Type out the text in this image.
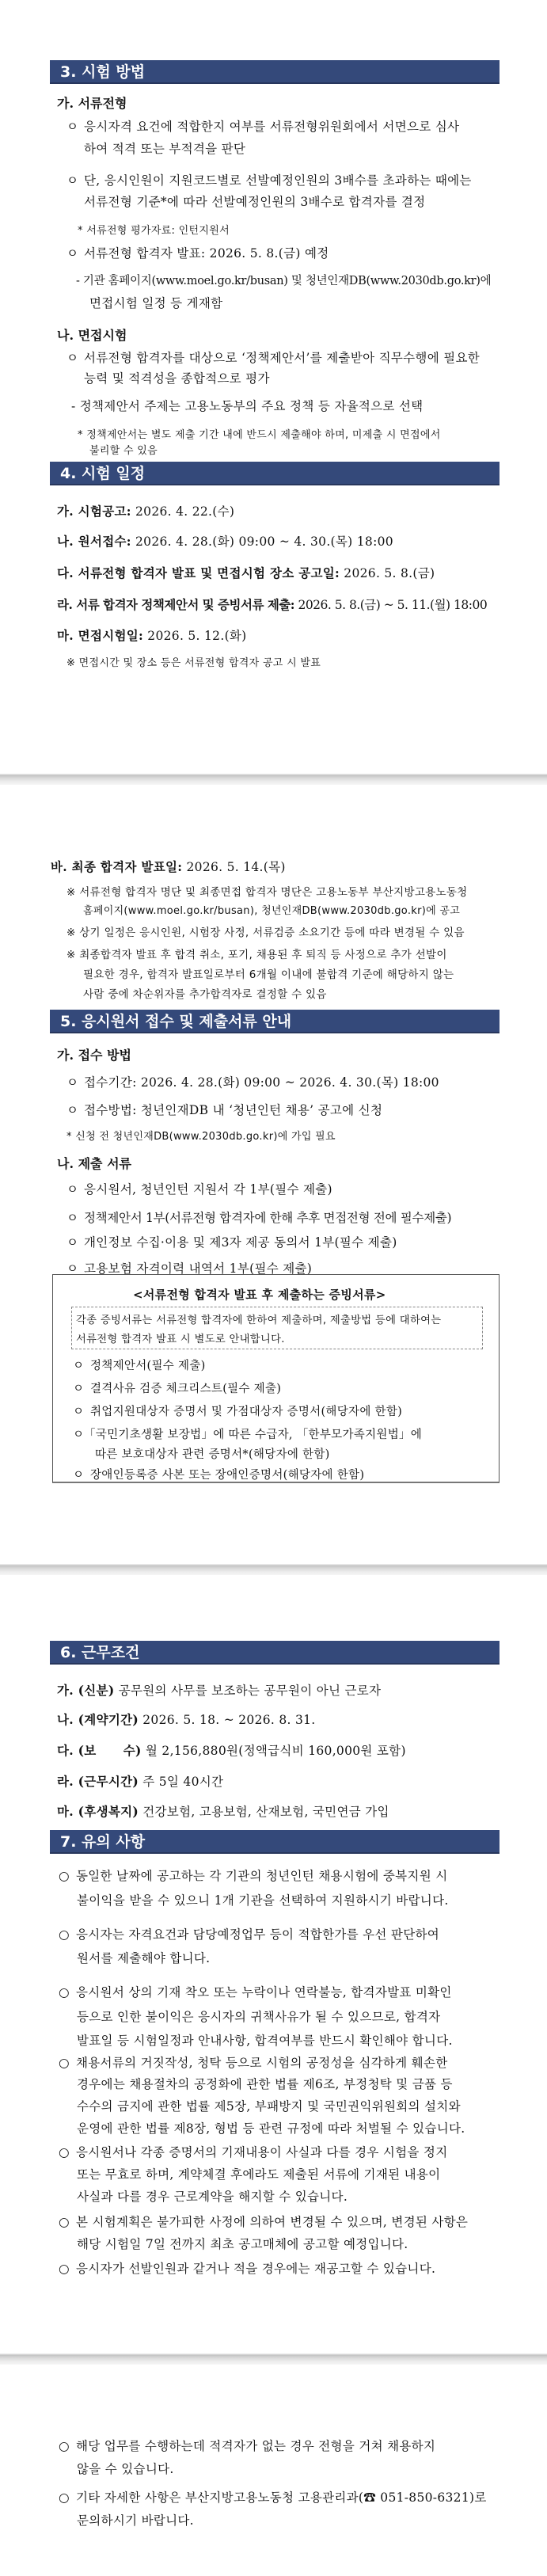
3. 시험 방법
가. 서류전형
ㅇ 응시자격 요건에 적합한지 여부를 서류전형위원회에서 서면으로 심사
하여 적격 또는 부적격을 판단
ㅇ 단, 응시인원이 지원코드별로 선발예정인원의 3배수를 초과하는 때에는
서류전형 기준*에 따라 선발예정인원의 3배수로 합격자를 결정
* 서류전형 평가자료: 인턴지원서
ㅇ 서류전형 합격자 발표: 2026. 5. 8.(금) 예정
- 기관 홈페이지(www.moel.go.kr/busan) 및 청년인재DB(www.2030db.go.kr)에
면접시험 일정 등 게재함
나. 면접시험
ㅇ 서류전형 합격자를 대상으로 ‘정책제안서’를 제출받아 직무수행에 필요한
능력 및 적격성을 종합적으로 평가
- 정책제안서 주제는 고용노동부의 주요 정책 등 자율적으로 선택
* 정책제안서는 별도 제출 기간 내에 반드시 제출해야 하며, 미제출 시 면접에서
불리할 수 있음
4. 시험 일정
가. 시험공고: 2026. 4. 22.(수)
나. 원서접수: 2026. 4. 28.(화) 09:00 ~ 4. 30.(목) 18:00
다. 서류전형 합격자 발표 및 면접시험 장소 공고일: 2026. 5. 8.(금)
라. 서류 합격자 정책제안서 및 증빙서류 제출: 2026. 5. 8.(금) ~ 5. 11.(월) 18:00
마. 면접시험일: 2026. 5. 12.(화)
※ 면접시간 및 장소 등은 서류전형 합격자 공고 시 발표
바. 최종 합격자 발표일: 2026. 5. 14.(목)
※ 서류전형 합격자 명단 및 최종면접 합격자 명단은 고용노동부 부산지방고용노동청
홈페이지(www.moel.go.kr/busan), 청년인재DB(www.2030db.go.kr)에 공고
※ 상기 일정은 응시인원, 시험장 사정, 서류검증 소요기간 등에 따라 변경될 수 있음
※ 최종합격자 발표 후 합격 취소, 포기, 채용된 후 퇴직 등 사정으로 추가 선발이
필요한 경우, 합격자 발표일로부터 6개월 이내에 불합격 기준에 해당하지 않는
사람 중에 차순위자를 추가합격자로 결정할 수 있음
5. 응시원서 접수 및 제출서류 안내
가. 접수 방법
ㅇ 접수기간: 2026. 4. 28.(화) 09:00 ~ 2026. 4. 30.(목) 18:00
ㅇ 접수방법: 청년인재DB 내 ‘청년인턴 채용’ 공고에 신청
* 신청 전 청년인재DB(www.2030db.go.kr)에 가입 필요
나. 제출 서류
ㅇ 응시원서, 청년인턴 지원서 각 1부(필수 제출)
ㅇ 정책제안서 1부(서류전형 합격자에 한해 추후 면접전형 전에 필수제출)
ㅇ 개인정보 수집·이용 및 제3자 제공 동의서 1부(필수 제출)
ㅇ 고용보험 자격이력 내역서 1부(필수 제출)
<서류전형 합격자 발표 후 제출하는 증빙서류>
각종 증빙서류는 서류전형 합격자에 한하여 제출하며, 제출방법 등에 대하여는
서류전형 합격자 발표 시 별도로 안내합니다.
ㅇ 정책제안서(필수 제출)
ㅇ 결격사유 검증 체크리스트(필수 제출)
ㅇ 취업지원대상자 증명서 및 가점대상자 증명서(해당자에 한함)
ㅇ「국민기초생활 보장법」에 따른 수급자, 「한부모가족지원법」에
따른 보호대상자 관련 증명서*(해당자에 한함)
ㅇ 장애인등록증 사본 또는 장애인증명서(해당자에 한함)
6. 근무조건
가. (신분) 공무원의 사무를 보조하는 공무원이 아닌 근로자
나. (계약기간) 2026. 5. 18. ~ 2026. 8. 31.
다. (보      수) 월 2,156,880원(정액급식비 160,000원 포함)
라. (근무시간) 주 5일 40시간
마. (후생복지) 건강보험, 고용보험, 산재보험, 국민연금 가입
7. 유의 사항
○ 동일한 날짜에 공고하는 각 기관의 청년인턴 채용시험에 중복지원 시
불이익을 받을 수 있으니 1개 기관을 선택하여 지원하시기 바랍니다.
○ 응시자는 자격요건과 담당예정업무 등이 적합한가를 우선 판단하여
원서를 제출해야 합니다.
○ 응시원서 상의 기재 착오 또는 누락이나 연락불능, 합격자발표 미확인
등으로 인한 불이익은 응시자의 귀책사유가 될 수 있으므로, 합격자
발표일 등 시험일정과 안내사항, 합격여부를 반드시 확인해야 합니다.
○ 채용서류의 거짓작성, 청탁 등으로 시험의 공정성을 심각하게 훼손한
경우에는 채용절차의 공정화에 관한 법률 제6조, 부정청탁 및 금품 등
수수의 금지에 관한 법률 제5장, 부패방지 및 국민권익위원회의 설치와
운영에 관한 법률 제8장, 형법 등 관련 규정에 따라 처벌될 수 있습니다.
○ 응시원서나 각종 증명서의 기재내용이 사실과 다를 경우 시험을 정지
또는 무효로 하며, 계약체결 후에라도 제출된 서류에 기재된 내용이
사실과 다를 경우 근로계약을 해지할 수 있습니다.
○ 본 시험계획은 불가피한 사정에 의하여 변경될 수 있으며, 변경된 사항은
해당 시험일 7일 전까지 최초 공고매체에 공고할 예정입니다.
○ 응시자가 선발인원과 같거나 적을 경우에는 재공고할 수 있습니다.
○ 해당 업무를 수행하는데 적격자가 없는 경우 전형을 거쳐 채용하지
않을 수 있습니다.
○ 기타 자세한 사항은 부산지방고용노동청 고용관리과(☎ 051-850-6321)로
문의하시기 바랍니다.
